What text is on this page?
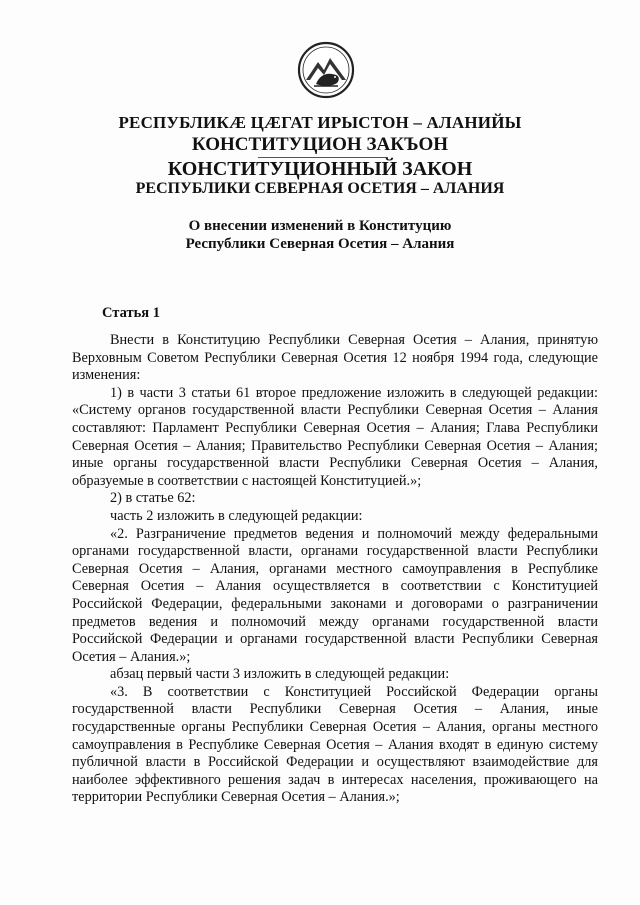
РЕСПУБЛИКӔ ЦӔГАТ ИРЫСТОН – АЛАНИЙЫ
КОНСТИТУЦИОН ЗАКЪОН
КОНСТИТУЦИОННЫЙ ЗАКОН
РЕСПУБЛИКИ СЕВЕРНАЯ ОСЕТИЯ – АЛАНИЯ
О внесении изменений в Конституцию
Республики Северная Осетия – Алания
Статья 1

Внести в Конституцию Республики Северная Осетия – Алания, принятую Верховным Советом Республики Северная Осетия 12 ноября 1994 года, следующие изменения:

1) в части 3 статьи 61 второе предложение изложить в следующей редакции: «Систему органов государственной власти Республики Северная Осетия – Алания составляют: Парламент Республики Северная Осетия – Алания; Глава Республики Северная Осетия – Алания; Правительство Республики Северная Осетия – Алания; иные органы государственной власти Республики Северная Осетия – Алания, образуемые в соответствии с настоящей Конституцией.»;

2) в статье 62:

часть 2 изложить в следующей редакции:

«2. Разграничение предметов ведения и полномочий между федеральными органами государственной власти, органами государственной власти Республики Северная Осетия – Алания, органами местного самоуправления в Республике Северная Осетия – Алания осуществляется в соответствии с Конституцией Российской Федерации, федеральными законами и договорами о разграничении предметов ведения и полномочий между органами государственной власти Российской Федерации и органами государственной власти Республики Северная Осетия – Алания.»;

абзац первый части 3 изложить в следующей редакции:

«3. В соответствии с Конституцией Российской Федерации органы государственной власти Республики Северная Осетия – Алания, иные государственные органы Республики Северная Осетия – Алания, органы местного самоуправления в Республике Северная Осетия – Алания входят в единую систему публичной власти в Российской Федерации и осуществляют взаимодействие для наиболее эффективного решения задач в интересах населения, проживающего на территории Республики Северная Осетия – Алания.»;
